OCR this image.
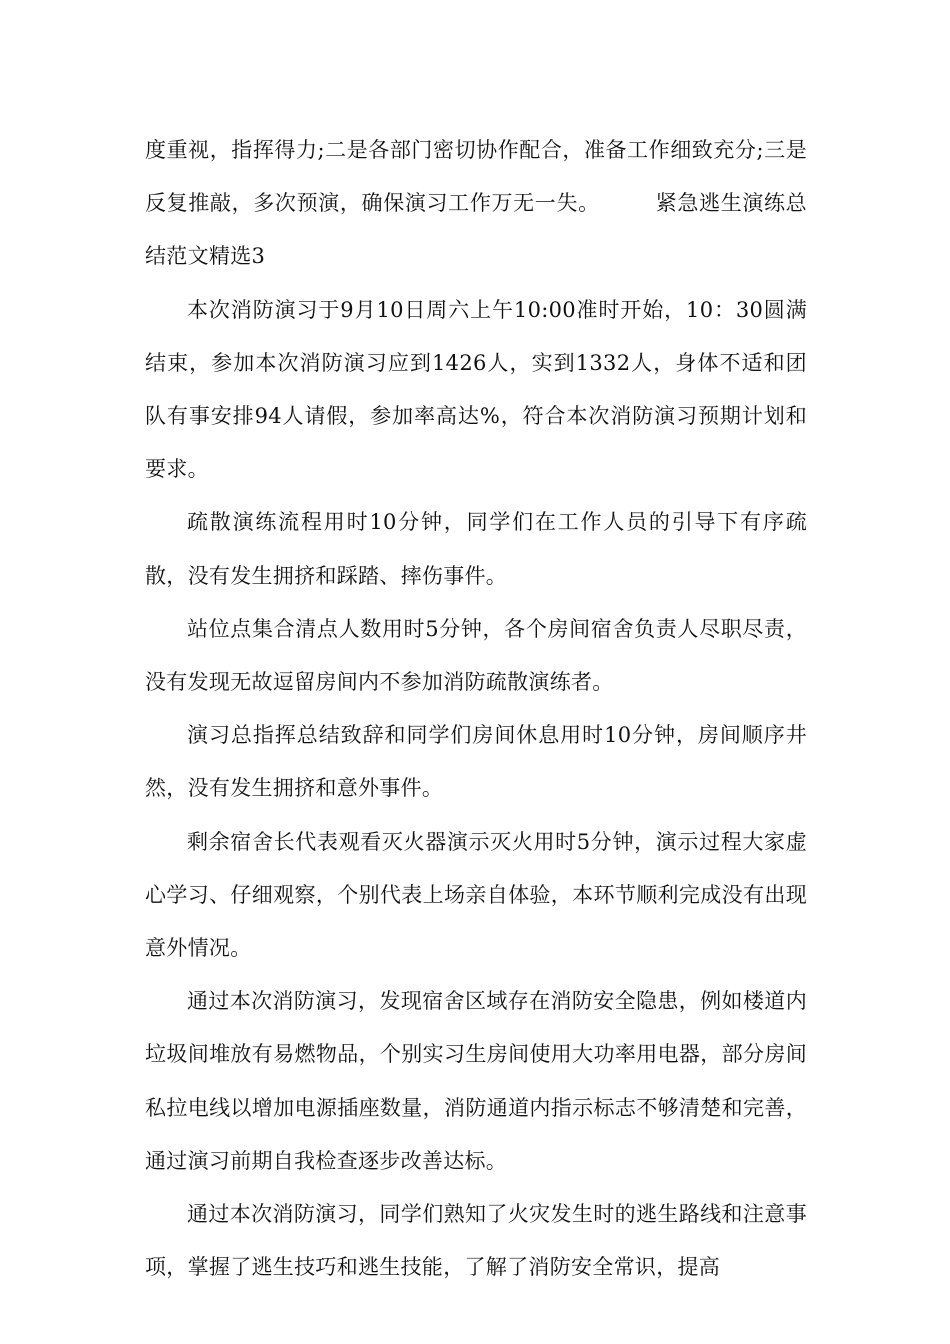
度重视，指挥得力;二是各部门密切协作配合，准备工作细致充分;三是反复推敲，多次预演，确保演习工作万无一失。	紧急逃生演练总结范文精选3

本次消防演习于9月10日周六上午10:00准时开始，10：30圆满结束，参加本次消防演习应到1426人，实到1332人，身体不适和团队有事安排94人请假，参加率高达%，符合本次消防演习预期计划和要求。

疏散演练流程用时10分钟，同学们在工作人员的引导下有序疏散，没有发生拥挤和踩踏、摔伤事件。

站位点集合清点人数用时5分钟，各个房间宿舍负责人尽职尽责，没有发现无故逗留房间内不参加消防疏散演练者。

演习总指挥总结致辞和同学们房间休息用时10分钟，房间顺序井然，没有发生拥挤和意外事件。

剩余宿舍长代表观看灭火器演示灭火用时5分钟，演示过程大家虚心学习、仔细观察，个别代表上场亲自体验，本环节顺利完成没有出现意外情况。

通过本次消防演习，发现宿舍区域存在消防安全隐患，例如楼道内垃圾间堆放有易燃物品，个别实习生房间使用大功率用电器，部分房间私拉电线以增加电源插座数量，消防通道内指示标志不够清楚和完善，通过演习前期自我检查逐步改善达标。

通过本次消防演习，同学们熟知了火灾发生时的逃生路线和注意事项，掌握了逃生技巧和逃生技能，了解了消防安全常识，提高
